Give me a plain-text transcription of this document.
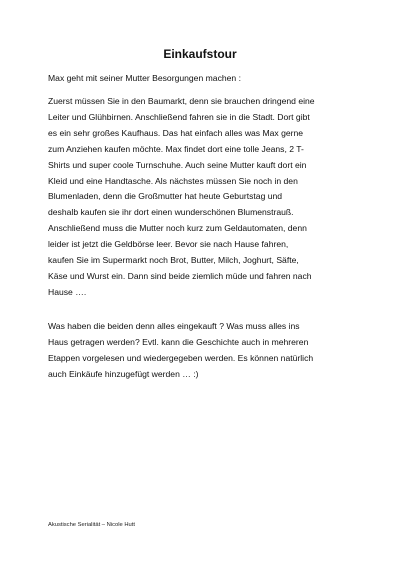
Einkaufstour
Max geht mit seiner Mutter Besorgungen machen :
Zuerst müssen Sie in den Baumarkt, denn sie brauchen dringend eine
Leiter und Glühbirnen. Anschließend fahren sie in die Stadt. Dort gibt
es ein sehr großes Kaufhaus. Das hat einfach alles was Max gerne
zum Anziehen kaufen möchte. Max findet dort eine tolle Jeans, 2 T-
Shirts und super coole Turnschuhe. Auch seine Mutter kauft dort ein
Kleid und eine Handtasche. Als nächstes müssen Sie noch in den
Blumenladen, denn die Großmutter hat heute Geburtstag und
deshalb kaufen sie ihr dort einen wunderschönen Blumenstrauß.
Anschließend muss die Mutter noch kurz zum Geldautomaten, denn
leider ist jetzt die Geldbörse leer. Bevor sie nach Hause fahren,
kaufen Sie im Supermarkt noch Brot, Butter, Milch, Joghurt, Säfte,
Käse und Wurst ein. Dann sind beide ziemlich müde und fahren nach
Hause ….
Was haben die beiden denn alles eingekauft ? Was muss alles ins
Haus getragen werden? Evtl. kann die Geschichte auch in mehreren
Etappen vorgelesen und wiedergegeben werden. Es können natürlich
auch Einkäufe hinzugefügt werden … :)
Akustische Serialität – Nicole Hutt
